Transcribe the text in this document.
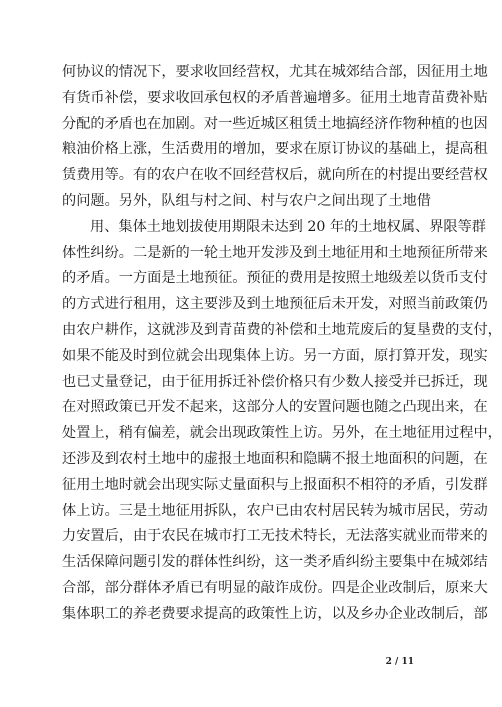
何协议的情况下，要求收回经营权，尤其在城郊结合部，因征用土地
有货币补偿，要求收回承包权的矛盾普遍增多。征用土地青苗费补贴
分配的矛盾也在加剧。对一些近城区租赁土地搞经济作物种植的也因
粮油价格上涨，生活费用的增加，要求在原订协议的基础上，提高租
赁费用等。有的农户在收不回经营权后，就向所在的村提出要经营权
的问题。另外，队组与村之间、村与农户之间出现了土地借
用、集体土地划拔使用期限未达到 20 年的土地权属、界限等群
体性纠纷。二是新的一轮土地开发涉及到土地征用和土地预征所带来
的矛盾。一方面是土地预征。预征的费用是按照土地级差以货币支付
的方式进行租用，这主要涉及到土地预征后未开发，对照当前政策仍
由农户耕作，这就涉及到青苗费的补偿和土地荒废后的复垦费的支付，
如果不能及时到位就会出现集体上访。另一方面，原打算开发，现实
也已丈量登记，由于征用拆迁补偿价格只有少数人接受并已拆迁，现
在对照政策已开发不起来，这部分人的安置问题也随之凸现出来，在
处置上，稍有偏差，就会出现政策性上访。另外，在土地征用过程中，
还涉及到农村土地中的虚报土地面积和隐瞒不报土地面积的问题，在
征用土地时就会出现实际丈量面积与上报面积不相符的矛盾，引发群
体上访。三是土地征用拆队，农户已由农村居民转为城市居民，劳动
力安置后，由于农民在城市打工无技术特长，无法落实就业而带来的
生活保障问题引发的群体性纠纷，这一类矛盾纠纷主要集中在城郊结
合部，部分群体矛盾已有明显的敲诈成份。四是企业改制后，原来大
集体职工的养老费要求提高的政策性上访，以及乡办企业改制后，部
2 / 11
